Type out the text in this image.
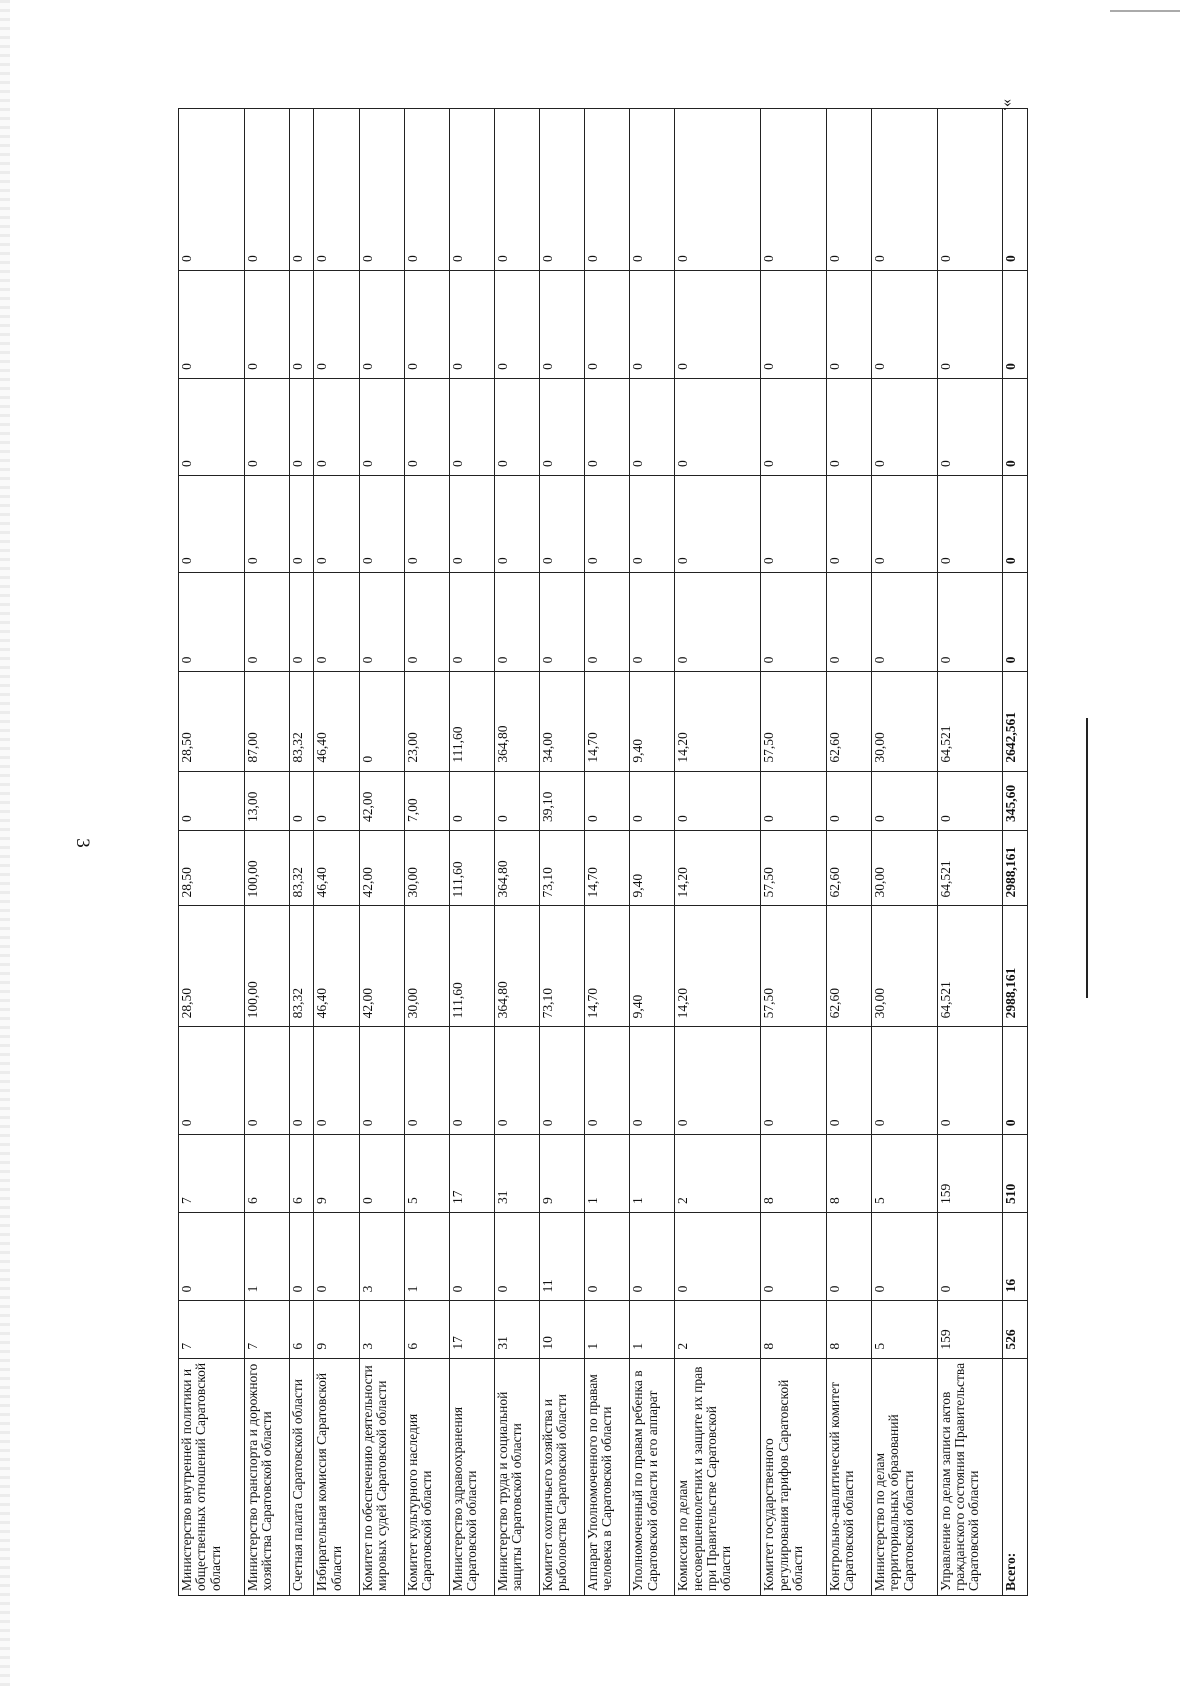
3
Министерство внутренней политики и общественных отношений Саратовской области	7	0	7	0	28,50	28,50	0	28,50	0	0	0	0	0
Министерство транспорта и дорожного хозяйства Саратовской области	7	1	6	0	100,00	100,00	13,00	87,00	0	0	0	0	0
Счетная палата Саратовской области	6	0	6	0	83,32	83,32	0	83,32	0	0	0	0	0
Избирательная комиссия Саратовской области	9	0	9	0	46,40	46,40	0	46,40	0	0	0	0	0
Комитет по обеспечению деятельности мировых судей Саратовской области	3	3	0	0	42,00	42,00	42,00	0	0	0	0	0	0
Комитет культурного наследия Саратовской области	6	1	5	0	30,00	30,00	7,00	23,00	0	0	0	0	0
Министерство здравоохранения Саратовской области	17	0	17	0	111,60	111,60	0	111,60	0	0	0	0	0
Министерство труда и социальной защиты Саратовской области	31	0	31	0	364,80	364,80	0	364,80	0	0	0	0	0
Комитет охотничьего хозяйства и рыболовства Саратовской области	10	11	9	0	73,10	73,10	39,10	34,00	0	0	0	0	0
Аппарат Уполномоченного по правам человека в Саратовской области	1	0	1	0	14,70	14,70	0	14,70	0	0	0	0	0
Уполномоченный по правам ребенка в Саратовской области и его аппарат	1	0	1	0	9,40	9,40	0	9,40	0	0	0	0	0
Комиссия по делам несовершеннолетних и защите их прав при Правительстве Саратовской области	2	0	2	0	14,20	14,20	0	14,20	0	0	0	0	0
Комитет государственного регулирования тарифов Саратовской области	8	0	8	0	57,50	57,50	0	57,50	0	0	0	0	0
Контрольно-аналитический комитет Саратовской области	8	0	8	0	62,60	62,60	0	62,60	0	0	0	0	0
Министерство по делам территориальных образований Саратовской области	5	0	5	0	30,00	30,00	0	30,00	0	0	0	0	0
Управление по делам записи актов гражданского состояния Правительства Саратовской области	159	0	159	0	64,521	64,521	0	64,521	0	0	0	0	0
Всего:	526	16	510	0	2988,161	2988,161	345,60	2642,561	0	0	0	0	0
».
